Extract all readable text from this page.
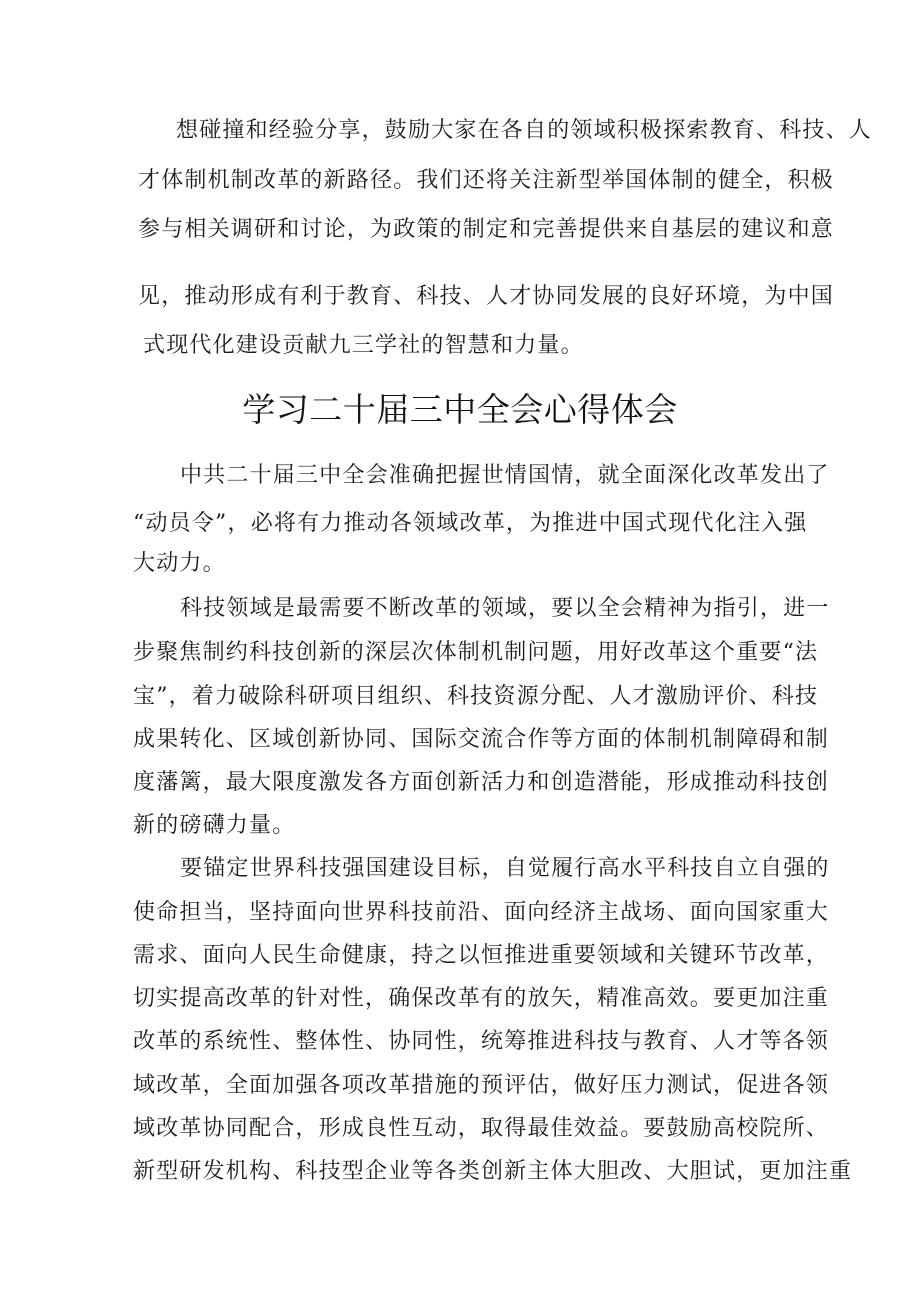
想碰撞和经验分享，鼓励大家在各自的领域积极探索教育、科技、人
才体制机制改革的新路径。我们还将关注新型举国体制的健全，积极
参与相关调研和讨论，为政策的制定和完善提供来自基层的建议和意
见，推动形成有利于教育、科技、人才协同发展的良好环境，为中国
式现代化建设贡献九三学社的智慧和力量。
学习二十届三中全会心得体会
中共二十届三中全会准确把握世情国情，就全面深化改革发出了
“动员令”，必将有力推动各领域改革，为推进中国式现代化注入强
大动力。
科技领域是最需要不断改革的领域，要以全会精神为指引，进一
步聚焦制约科技创新的深层次体制机制问题，用好改革这个重要“法
宝”，着力破除科研项目组织、科技资源分配、人才激励评价、科技
成果转化、区域创新协同、国际交流合作等方面的体制机制障碍和制
度藩篱，最大限度激发各方面创新活力和创造潜能，形成推动科技创
新的磅礴力量。
要锚定世界科技强国建设目标，自觉履行高水平科技自立自强的
使命担当，坚持面向世界科技前沿、面向经济主战场、面向国家重大
需求、面向人民生命健康，持之以恒推进重要领域和关键环节改革，
切实提高改革的针对性，确保改革有的放矢，精准高效。要更加注重
改革的系统性、整体性、协同性，统筹推进科技与教育、人才等各领
域改革，全面加强各项改革措施的预评估，做好压力测试，促进各领
域改革协同配合，形成良性互动，取得最佳效益。要鼓励高校院所、
新型研发机构、科技型企业等各类创新主体大胆改、大胆试，更加注重
